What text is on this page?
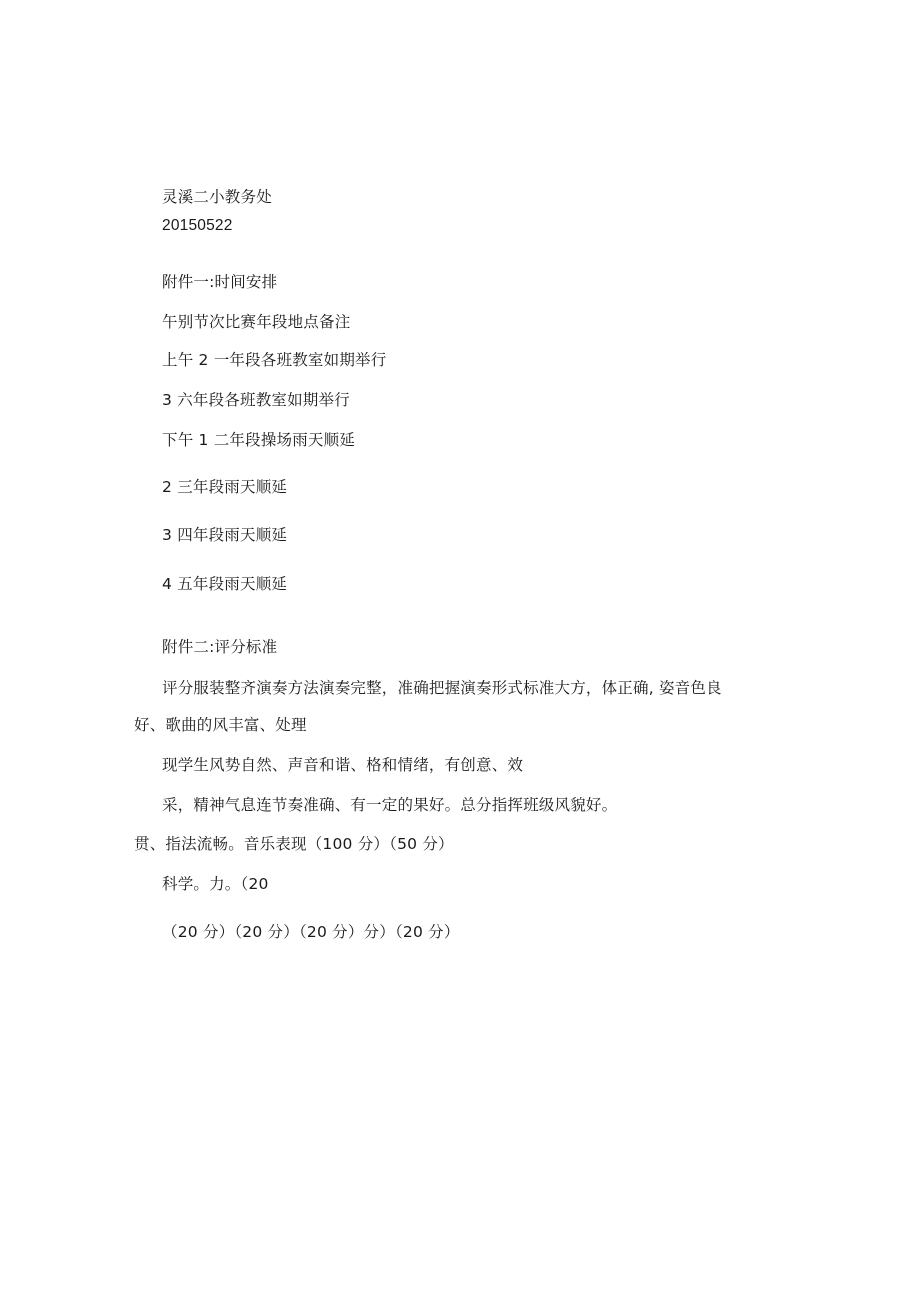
灵溪二小教务处
20150522
附件一:时间安排
午别节次比赛年段地点备注
上午 2 一年段各班教室如期举行
3 六年段各班教室如期举行
下午 1 二年段操场雨天顺延
2 三年段雨天顺延
3 四年段雨天顺延
4 五年段雨天顺延
附件二:评分标准
评分服装整齐演奏方法演奏完整，准确把握演奏形式标准大方，体正确, 姿音色良
好、歌曲的风丰富、处理
现学生风势自然、声音和谐、格和情绪，有创意、效
采，精神气息连节奏准确、有一定的果好。总分指挥班级风貌好。
贯、指法流畅。音乐表现（100 分）（50 分）
科学。力。（20
（20 分）（20 分）（20 分）分）（20 分）
